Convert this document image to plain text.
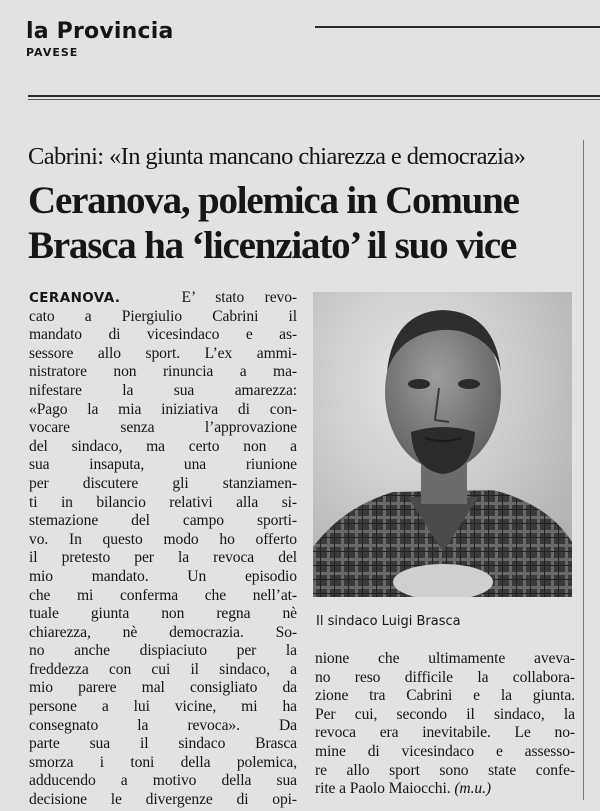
la Provincia
PAVESE
Cabrini: «In giunta mancano chiarezza e democrazia»
Ceranova, polemica in Comune
Brasca ha ‘licenziato’ il suo vice
CERANOVA.	E’ stato revo-
cato a Piergiulio Cabrini il
mandato di vicesindaco e as-
sessore allo sport. L’ex ammi-
nistratore non rinuncia a ma-
nifestare la sua amarezza:
«Pago la mia iniziativa di con-
vocare senza l’approvazione
del sindaco, ma certo non a
sua insaputa, una riunione
per discutere gli stanziamen-
ti in bilancio relativi alla si-
stemazione del campo sporti-
vo. In questo modo ho offerto
il pretesto per la revoca del
mio mandato. Un episodio
che mi conferma che nell’at-
tuale giunta non regna nè
chiarezza, nè democrazia. So-
no anche dispiaciuto per la
freddezza con cui il sindaco, a
mio parere mal consigliato da
persone a lui vicine, mi ha
consegnato la revoca». Da
parte sua il sindaco Brasca
smorza i toni della polemica,
adducendo a motivo della sua
decisione le divergenze di opi-
Il sindaco Luigi Brasca
nione che ultimamente aveva-
no reso difficile la collabora-
zione tra Cabrini e la giunta.
Per cui, secondo il sindaco, la
revoca era inevitabile. Le no-
mine di vicesindaco e assesso-
re allo sport sono state confe-
rite a Paolo Maiocchi. (m.u.)
